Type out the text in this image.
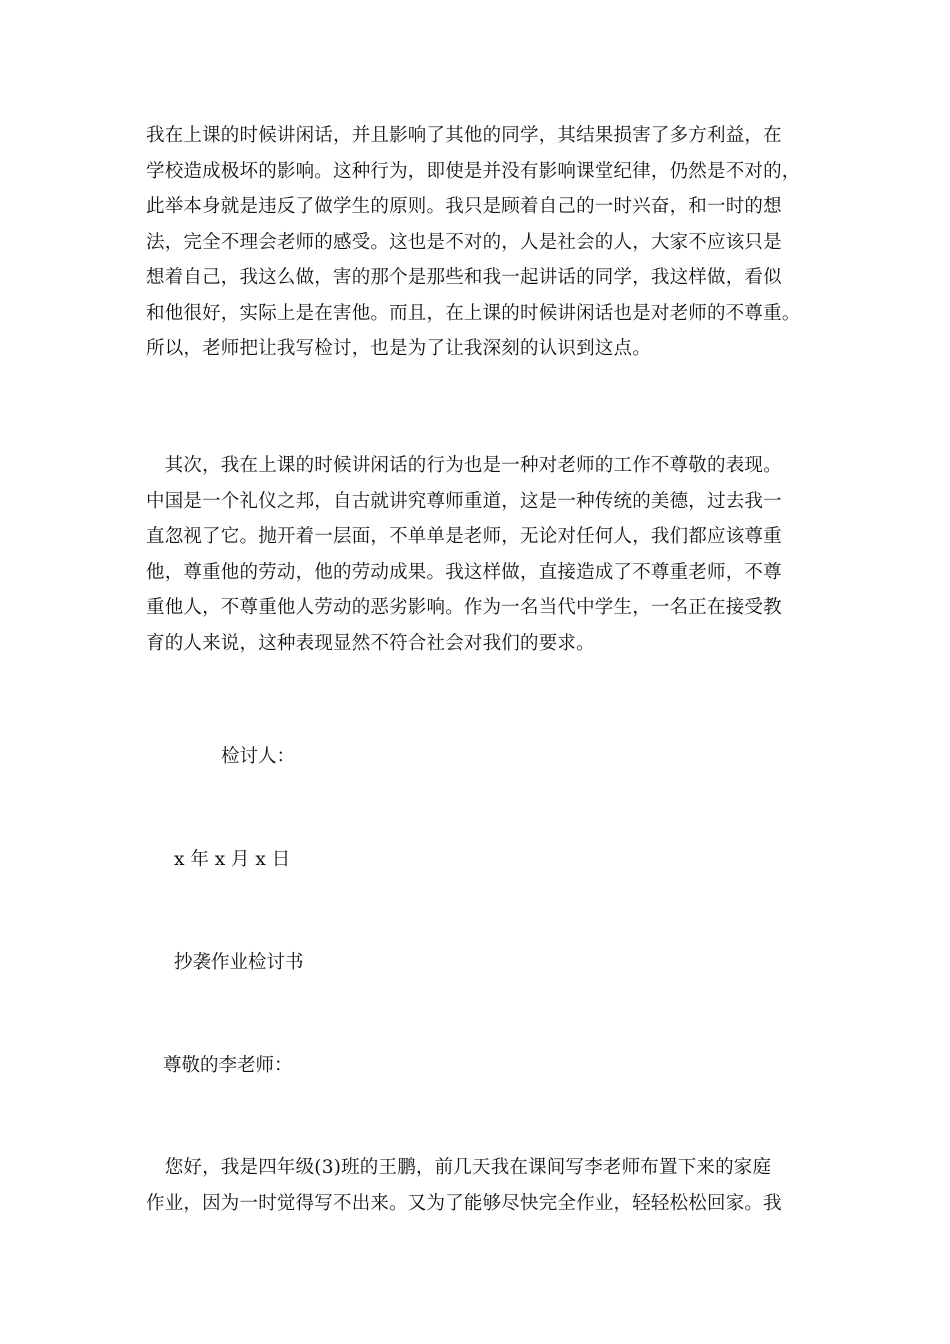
我在上课的时候讲闲话，并且影响了其他的同学，其结果损害了多方利益，在
学校造成极坏的影响。这种行为，即使是并没有影响课堂纪律，仍然是不对的，
此举本身就是违反了做学生的原则。我只是顾着自己的一时兴奋，和一时的想
法，完全不理会老师的感受。这也是不对的，人是社会的人，大家不应该只是
想着自己，我这么做，害的那个是那些和我一起讲话的同学，我这样做，看似
和他很好，实际上是在害他。而且，在上课的时候讲闲话也是对老师的不尊重。
所以，老师把让我写检讨，也是为了让我深刻的认识到这点。

　其次，我在上课的时候讲闲话的行为也是一种对老师的工作不尊敬的表现。
中国是一个礼仪之邦，自古就讲究尊师重道，这是一种传统的美德，过去我一
直忽视了它。抛开着一层面，不单单是老师，无论对任何人，我们都应该尊重
他，尊重他的劳动，他的劳动成果。我这样做，直接造成了不尊重老师，不尊
重他人，不尊重他人劳动的恶劣影响。作为一名当代中学生，一名正在接受教
育的人来说，这种表现显然不符合社会对我们的要求。

检讨人：

x 年 x 月 x 日

抄袭作业检讨书

尊敬的李老师：

　您好，我是四年级(3)班的王鹏，前几天我在课间写李老师布置下来的家庭
作业，因为一时觉得写不出来。又为了能够尽快完全作业，轻轻松松回家。我
